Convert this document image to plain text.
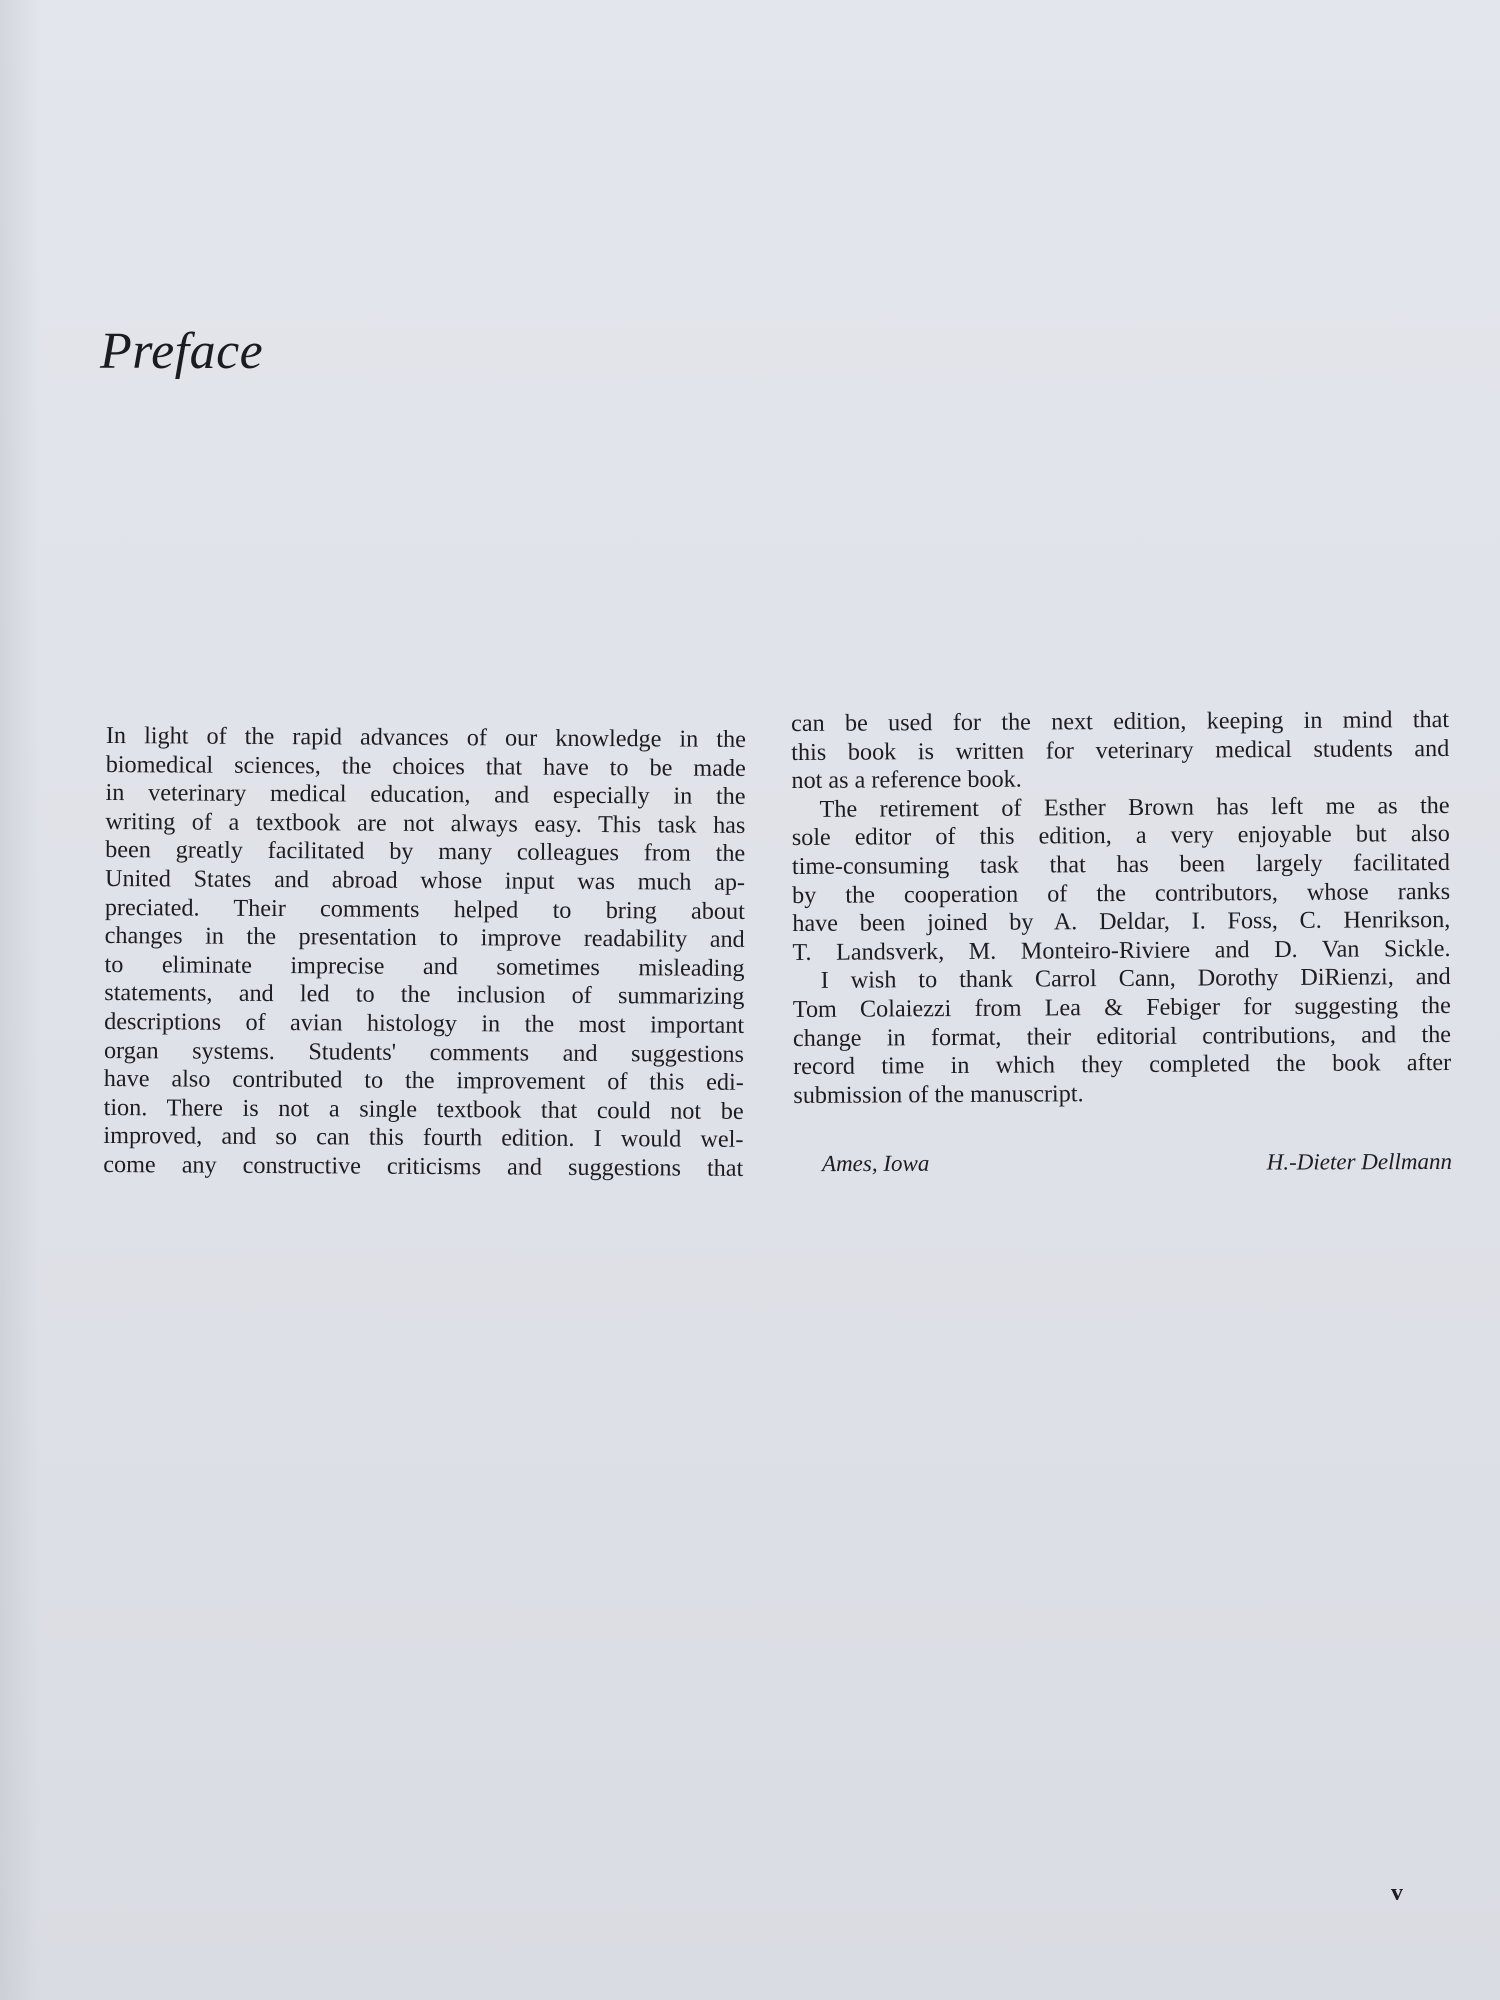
Preface

In light of the rapid advances of our knowledge in the

biomedical sciences, the choices that have to be made

in veterinary medical education, and especially in the

writing of a textbook are not always easy. This task has

been greatly facilitated by many colleagues from the

United States and abroad whose input was much ap-

preciated. Their comments helped to bring about

changes in the presentation to improve readability and

to eliminate imprecise and sometimes misleading

statements, and led to the inclusion of summarizing

descriptions of avian histology in the most important

organ systems. Students' comments and suggestions

have also contributed to the improvement of this edi-

tion. There is not a single textbook that could not be

improved, and so can this fourth edition. I would wel-

come any constructive criticisms and suggestions that

can be used for the next edition, keeping in mind that

this book is written for veterinary medical students and

not as a reference book.

The retirement of Esther Brown has left me as the

sole editor of this edition, a very enjoyable but also

time-consuming task that has been largely facilitated

by the cooperation of the contributors, whose ranks

have been joined by A. Deldar, I. Foss, C. Henrikson,

T. Landsverk, M. Monteiro-Riviere and D. Van Sickle.

I wish to thank Carrol Cann, Dorothy DiRienzi, and

Tom Colaiezzi from Lea & Febiger for suggesting the

change in format, their editorial contributions, and the

record time in which they completed the book after

submission of the manuscript.

Ames, Iowa	H.-Dieter Dellmann
v
